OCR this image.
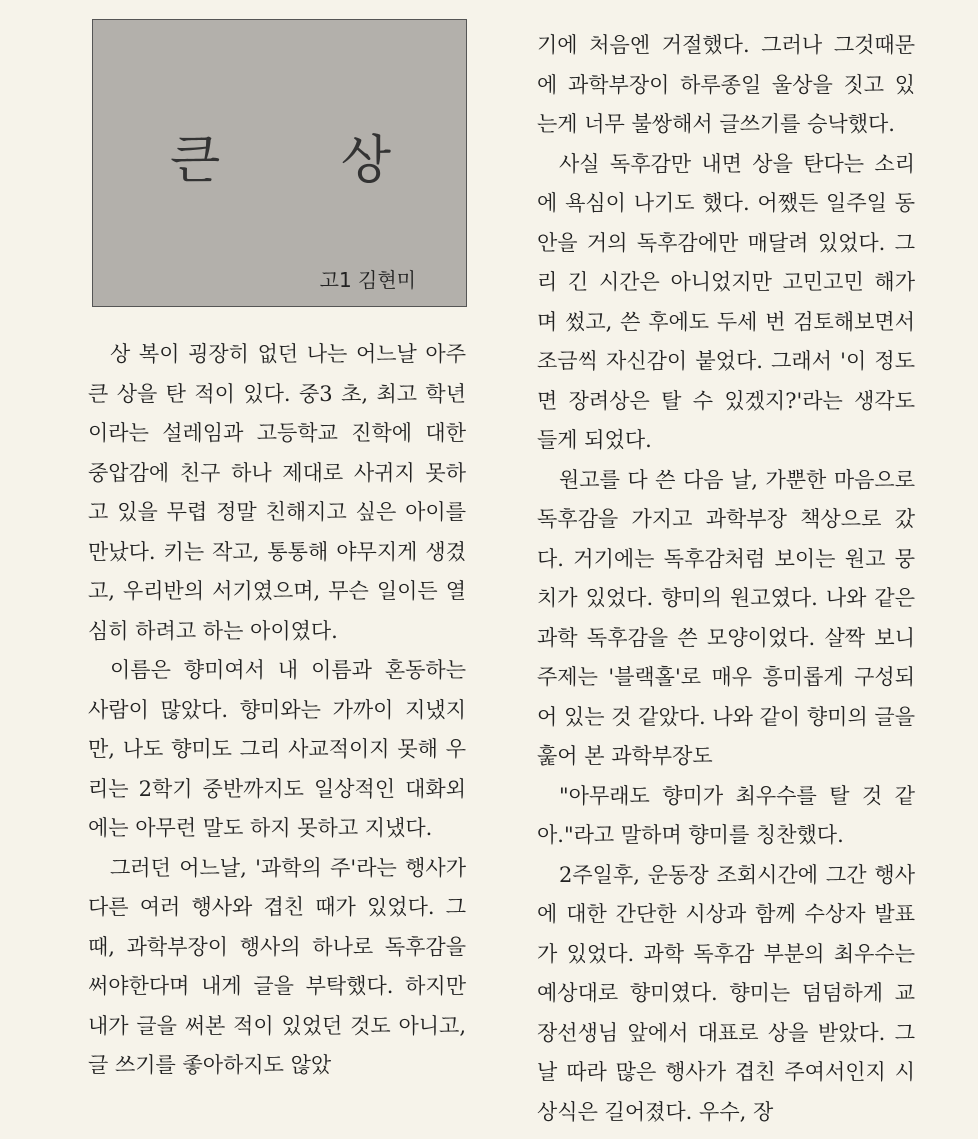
큰 상
고1 김현미

상 복이 굉장히 없던 나는 어느날 아주 큰 상을 탄 적이 있다. 중3 초, 최고 학년이라는 설레임과 고등학교 진학에 대한 중압감에 친구 하나 제대로 사귀지 못하고 있을 무렵 정말 친해지고 싶은 아이를 만났다. 키는 작고, 통통해 야무지게 생겼고, 우리반의 서기였으며, 무슨 일이든 열심히 하려고 하는 아이였다.

이름은 향미여서 내 이름과 혼동하는 사람이 많았다. 향미와는 가까이 지냈지만, 나도 향미도 그리 사교적이지 못해 우리는 2학기 중반까지도 일상적인 대화외에는 아무런 말도 하지 못하고 지냈다.

그러던 어느날, '과학의 주'라는 행사가 다른 여러 행사와 겹친 때가 있었다. 그 때, 과학부장이 행사의 하나로 독후감을 써야한다며 내게 글을 부탁했다. 하지만 내가 글을 써본 적이 있었던 것도 아니고, 글 쓰기를 좋아하지도 않았

기에 처음엔 거절했다. 그러나 그것때문에 과학부장이 하루종일 울상을 짓고 있는게 너무 불쌍해서 글쓰기를 승낙했다.

사실 독후감만 내면 상을 탄다는 소리에 욕심이 나기도 했다. 어쨌든 일주일 동안을 거의 독후감에만 매달려 있었다. 그리 긴 시간은 아니었지만 고민고민 해가며 썼고, 쓴 후에도 두세 번 검토해보면서 조금씩 자신감이 붙었다. 그래서 '이 정도면 장려상은 탈 수 있겠지?'라는 생각도 들게 되었다.

원고를 다 쓴 다음 날, 가뿐한 마음으로 독후감을 가지고 과학부장 책상으로 갔다. 거기에는 독후감처럼 보이는 원고 뭉치가 있었다. 향미의 원고였다. 나와 같은 과학 독후감을 쓴 모양이었다. 살짝 보니 주제는 '블랙홀'로 매우 흥미롭게 구성되어 있는 것 같았다. 나와 같이 향미의 글을 훑어 본 과학부장도

"아무래도 향미가 최우수를 탈 것 같아."라고 말하며 향미를 칭찬했다.

2주일후, 운동장 조회시간에 그간 행사에 대한 간단한 시상과 함께 수상자 발표가 있었다. 과학 독후감 부분의 최우수는 예상대로 향미였다. 향미는 덤덤하게 교장선생님 앞에서 대표로 상을 받았다. 그날 따라 많은 행사가 겹친 주여서인지 시상식은 길어졌다. 우수, 장
